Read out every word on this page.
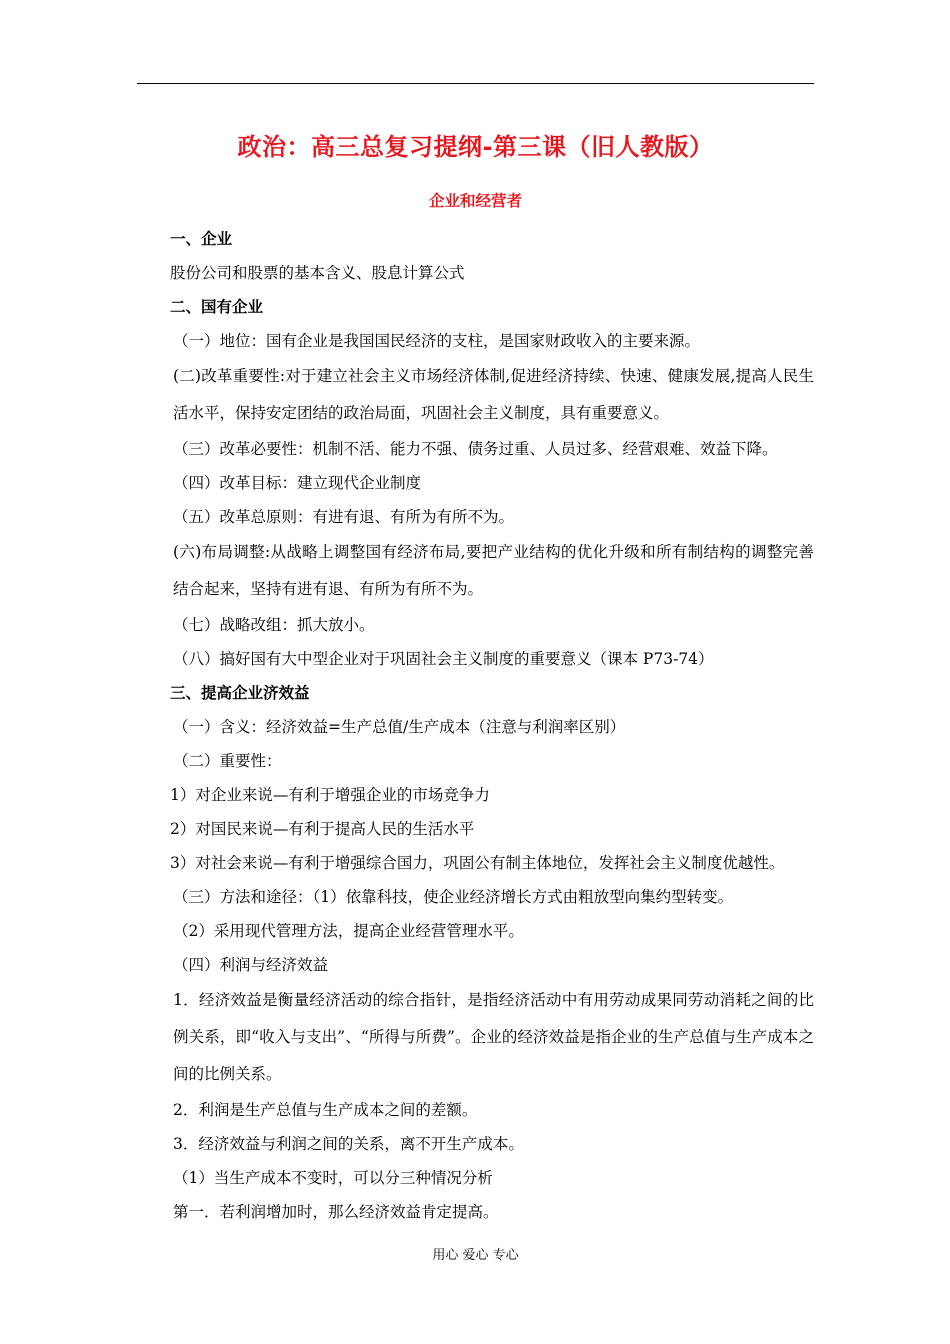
政治：高三总复习提纲-第三课（旧人教版）
企业和经营者

一、企业

股份公司和股票的基本含义、股息计算公式

二、国有企业

（一）地位：国有企业是我国国民经济的支柱，是国家财政收入的主要来源。

(二)改革重要性:对于建立社会主义市场经济体制,促进经济持续、快速、健康发展,提高人民生活水平，保持安定团结的政治局面，巩固社会主义制度，具有重要意义。

（三）改革必要性：机制不活、能力不强、债务过重、人员过多、经营艰难、效益下降。

（四）改革目标：建立现代企业制度

（五）改革总原则：有进有退、有所为有所不为。

(六)布局调整:从战略上调整国有经济布局,要把产业结构的优化升级和所有制结构的调整完善结合起来，坚持有进有退、有所为有所不为。

（七）战略改组：抓大放小。

（八）搞好国有大中型企业对于巩固社会主义制度的重要意义（课本 P73-74）

三、提高企业济效益

（一）含义：经济效益=生产总值/生产成本（注意与利润率区别）

（二）重要性：

1）对企业来说—有利于增强企业的市场竞争力

2）对国民来说—有利于提高人民的生活水平

3）对社会来说—有利于增强综合国力，巩固公有制主体地位，发挥社会主义制度优越性。

（三）方法和途径：（1）依靠科技，使企业经济增长方式由粗放型向集约型转变。

（2）采用现代管理方法，提高企业经营管理水平。

（四）利润与经济效益

1．经济效益是衡量经济活动的综合指针，是指经济活动中有用劳动成果同劳动消耗之间的比例关系，即“收入与支出”、“所得与所费”。企业的经济效益是指企业的生产总值与生产成本之间的比例关系。

2．利润是生产总值与生产成本之间的差额。

3．经济效益与利润之间的关系，离不开生产成本。

（1）当生产成本不变时，可以分三种情况分析

第一．若利润增加时，那么经济效益肯定提高。

用心 爱心 专心
